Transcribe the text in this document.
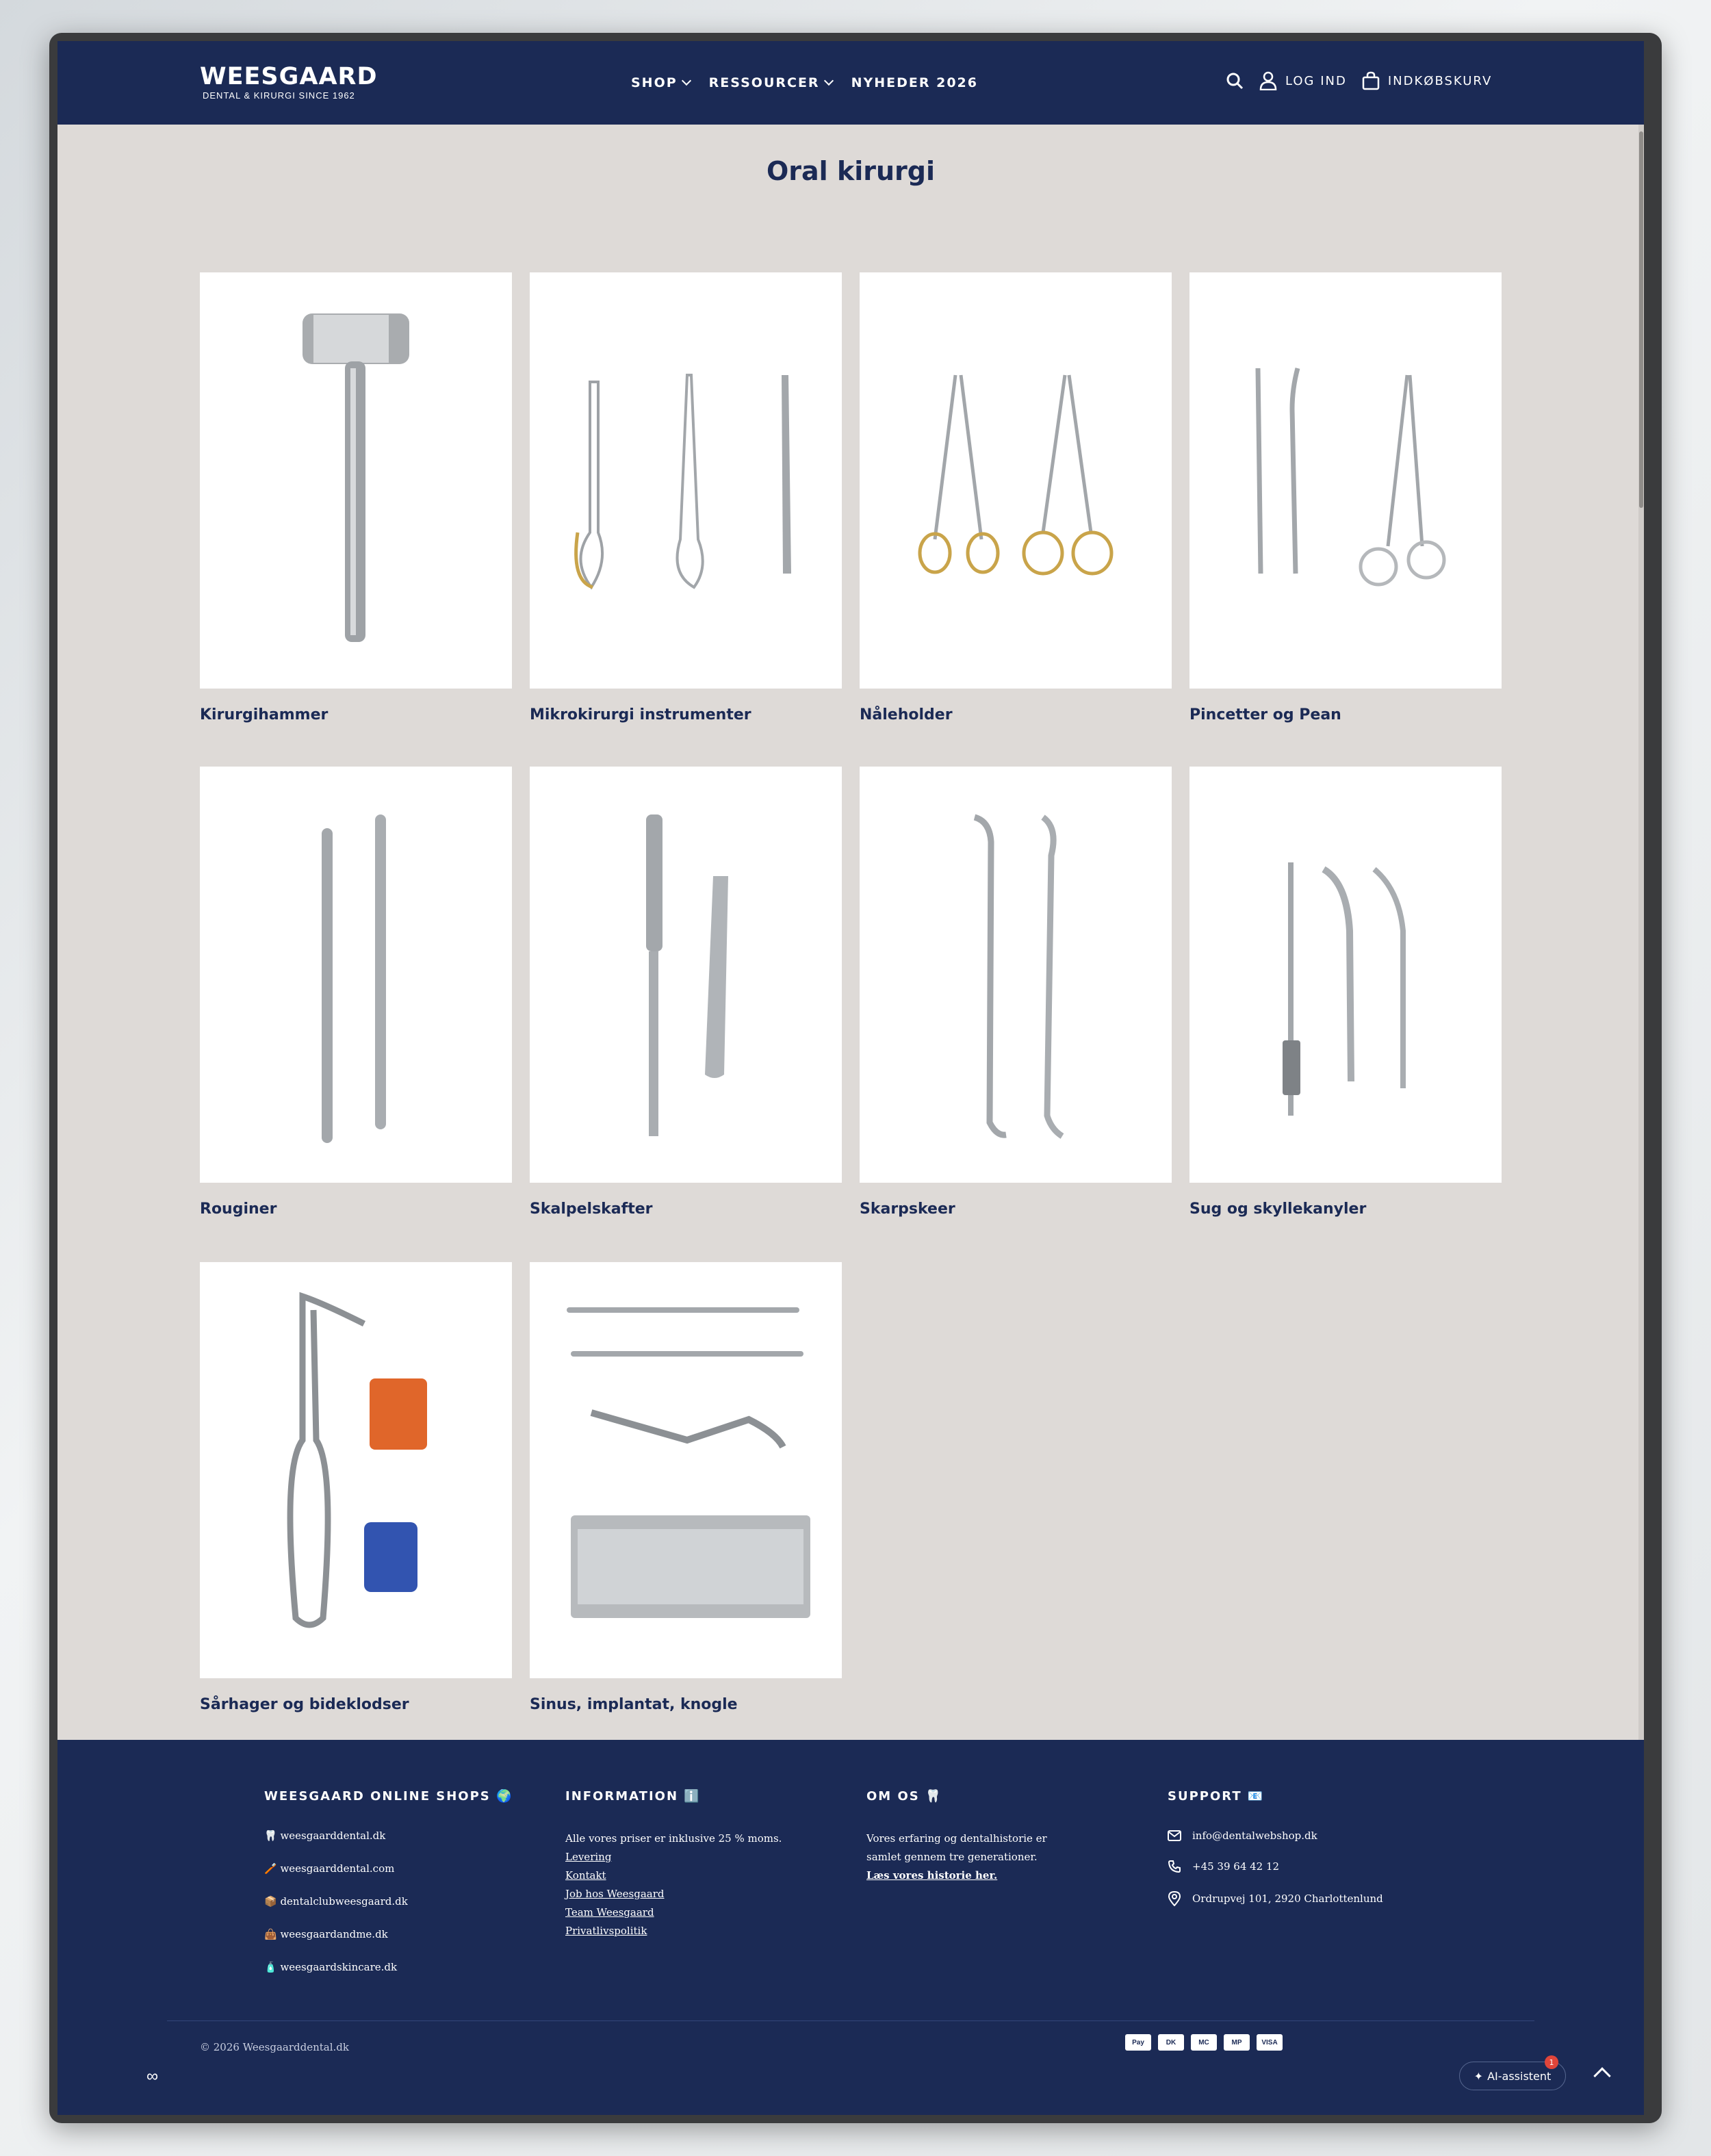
WEESGAARD
DENTAL & KIRURGI SINCE 1962
SHOP RESSOURCER NYHEDER 2026	LOG IND	INDKØBSKURV
Oral kirurgi
Kirurgihammer	Mikrokirurgi instrumenter	Nåleholder	Pincetter og Pean
Rouginer	Skalpelskafter	Skarpskeer	Sug og skyllekanyler
Sårhager og bideklodser	Sinus, implantat, knogle
WEESGAARD ONLINE SHOPS 🌍
🦷 weesgaarddental.dk
🪥 weesgaarddental.com
📦 dentalclubweesgaard.dk
👜 weesgaardandme.dk
🧴 weesgaardskincare.dk
INFORMATION ℹ️
Alle vores priser er inklusive 25 % moms.
Levering
Kontakt
Job hos Weesgaard
Team Weesgaard
Privatlivspolitik
OM OS 🦷
Vores erfaring og dentalhistorie er
samlet gennem tre generationer.
Læs vores historie her.
SUPPORT 📧
info@dentalwebshop.dk
+45 39 64 42 12
Ordrupvej 101, 2920 Charlottenlund
© 2026 Weesgaarddental.dk	Pay	DK	MC	MP	VISA
∞	✦ AI-assistent
1
